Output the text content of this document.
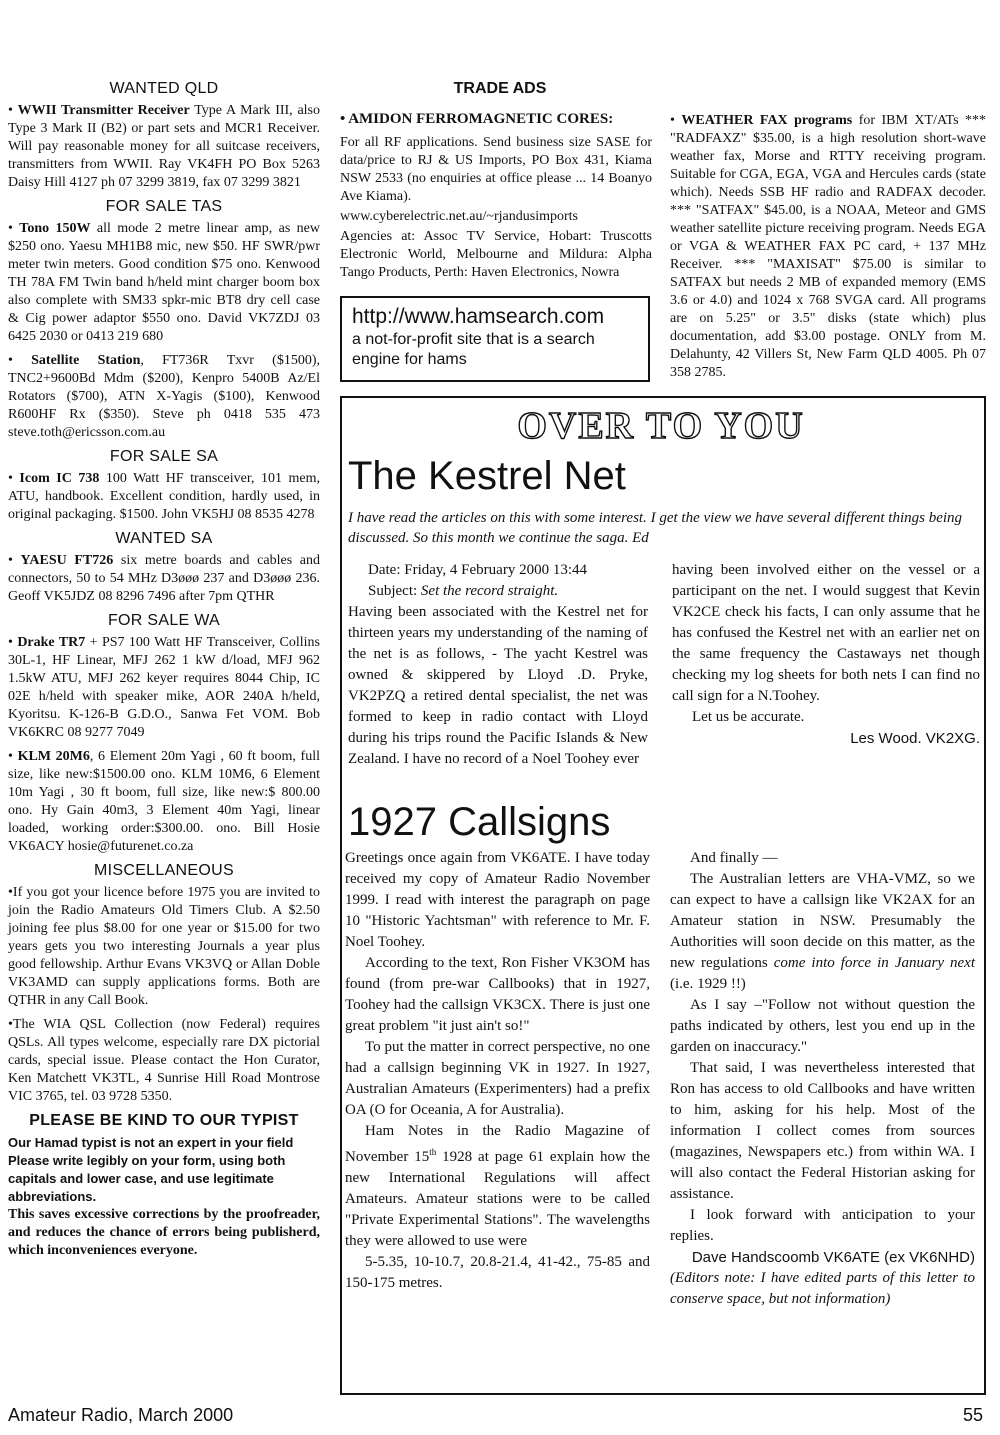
WANTED QLD

• WWII Transmitter Receiver Type A Mark III, also Type 3 Mark II (B2) or part sets and MCR1 Receiver. Will pay reasonable money for all suitcase receivers, transmitters from WWII. Ray VK4FH PO Box 5263 Daisy Hill 4127 ph 07 3299 3819, fax 07 3299 3821

FOR SALE TAS

• Tono 150W all mode 2 metre linear amp, as new $250 ono. Yaesu MH1B8 mic, new $50. HF SWR/pwr meter twin meters. Good condition $75 ono. Kenwood TH 78A FM Twin band h/held mint charger boom box also complete with SM33 spkr-mic BT8 dry cell case & Cig power adaptor $550 ono. David VK7ZDJ 03 6425 2030 or 0413 219 680

• Satellite Station, FT736R Txvr ($1500), TNC2+9600Bd Mdm ($200), Kenpro 5400B Az/El Rotators ($700), ATN X-Yagis ($100), Kenwood R600HF Rx ($350). Steve ph 0418 535 473 steve.toth@ericsson.com.au

FOR SALE SA

• Icom IC 738 100 Watt HF transceiver, 101 mem, ATU, handbook. Excellent condition, hardly used, in original packaging. $1500. John VK5HJ 08 8535 4278

WANTED SA

• YAESU FT726 six metre boards and cables and connectors, 50 to 54 MHz D3øøø 237 and D3øøø 236. Geoff VK5JDZ 08 8296 7496 after 7pm QTHR

FOR SALE WA

• Drake TR7 + PS7 100 Watt HF Transceiver, Collins 30L-1, HF Linear, MFJ 262 1 kW d/load, MFJ 962 1.5kW ATU, MFJ 262 keyer requires 8044 Chip, IC 02E h/held with speaker mike, AOR 240A h/held, Kyoritsu. K-126-B G.D.O., Sanwa Fet VOM. Bob VK6KRC 08 9277 7049

• KLM 20M6, 6 Element 20m Yagi , 60 ft boom, full size, like new:$1500.00 ono. KLM 10M6, 6 Element 10m Yagi , 30 ft boom, full size, like new:$ 800.00 ono. Hy Gain 40m3, 3 Element 40m Yagi, linear loaded, working order:$300.00. ono. Bill Hosie VK6ACY hosie@futurenet.co.za

MISCELLANEOUS

•If you got your licence before 1975 you are invited to join the Radio Amateurs Old Timers Club. A $2.50 joining fee plus $8.00 for one year or $15.00 for two years gets you two interesting Journals a year plus good fellowship. Arthur Evans VK3VQ or Allan Doble VK3AMD can supply applications forms. Both are QTHR in any Call Book.

•The WIA QSL Collection (now Federal) requires QSLs. All types welcome, especially rare DX pictorial cards, special issue. Please contact the Hon Curator, Ken Matchett VK3TL, 4 Sunrise Hill Road Montrose VIC 3765, tel. 03 9728 5350.

PLEASE BE KIND TO OUR TYPIST

Our Hamad typist is not an expert in your field Please write legibly on your form, using both capitals and lower case, and use legitimate abbreviations.

This saves excessive corrections by the proofreader, and reduces the chance of errors being publisherd, which inconveniences everyone.

TRADE ADS

• AMIDON FERROMAGNETIC CORES:

For all RF applications. Send business size SASE for data/price to RJ & US Imports, PO Box 431, Kiama NSW 2533 (no enquiries at office please ... 14 Boanyo Ave Kiama).

www.cyberelectric.net.au/~rjandusimports

Agencies at: Assoc TV Service, Hobart: Truscotts Electronic World, Melbourne and Mildura: Alpha Tango Products, Perth: Haven Electronics, Nowra

http://www.hamsearch.com
a not-for-profit site that is a search engine for hams

• WEATHER FAX programs for IBM XT/ATs *** "RADFAXZ" $35.00, is a high resolution short-wave weather fax, Morse and RTTY receiving program. Suitable for CGA, EGA, VGA and Hercules cards (state which). Needs SSB HF radio and RADFAX decoder. *** "SATFAX" $45.00, is a NOAA, Meteor and GMS weather satellite picture receiving program. Needs EGA or VGA & WEATHER FAX PC card, + 137 MHz Receiver. *** "MAXISAT" $75.00 is similar to SATFAX but needs 2 MB of expanded memory (EMS 3.6 or 4.0) and 1024 x 768 SVGA card. All programs are on 5.25" or 3.5" disks (state which) plus documentation, add $3.00 postage. ONLY from M. Delahunty, 42 Villers St, New Farm QLD 4005. Ph 07 358 2785.

OVER TO YOU
The Kestrel Net
I have read the articles on this with some interest. I get the view we have several different things being discussed. So this month we continue the saga. Ed

Date: Friday, 4 February 2000 13:44

Subject: Set the record straight.

Having been associated with the Kestrel net for thirteen years my understanding of the naming of the net is as follows, - The yacht Kestrel was owned & skippered by Lloyd .D. Pryke, VK2PZQ a retired dental specialist, the net was formed to keep in radio contact with Lloyd during his trips round the Pacific Islands & New Zealand. I have no record of a Noel Toohey ever

having been involved either on the vessel or a participant on the net. I would suggest that Kevin VK2CE check his facts, I can only assume that he has confused the Kestrel net with an earlier net on the same frequency the Castaways net though checking my log sheets for both nets I can find no call sign for a N.Toohey.

Let us be accurate.

Les Wood. VK2XG.

1927 Callsigns

Greetings once again from VK6ATE. I have today received my copy of Amateur Radio November 1999. I read with interest the paragraph on page 10 "Historic Yachtsman" with reference to Mr. F. Noel Toohey.

According to the text, Ron Fisher VK3OM has found (from pre-war Callbooks) that in 1927, Toohey had the callsign VK3CX. There is just one great problem "it just ain't so!"

To put the matter in correct perspective, no one had a callsign beginning VK in 1927. In 1927, Australian Amateurs (Experimenters) had a prefix OA (O for Oceania, A for Australia).

Ham Notes in the Radio Magazine of November 15th 1928 at page 61 explain how the new International Regulations will affect Amateurs. Amateur stations were to be called "Private Experimental Stations". The wavelengths they were allowed to use were

5-5.35, 10-10.7, 20.8-21.4, 41-42., 75-85 and 150-175 metres.

And finally —

The Australian letters are VHA-VMZ, so we can expect to have a callsign like VK2AX for an Amateur station in NSW. Presumably the Authorities will soon decide on this matter, as the new regulations come into force in January next (i.e. 1929 !!)

As I say –"Follow not without question the paths indicated by others, lest you end up in the garden on inaccuracy."

That said, I was nevertheless interested that Ron has access to old Callbooks and have written to him, asking for his help. Most of the information I collect comes from sources (magazines, Newspapers etc.) from within WA. I will also contact the Federal Historian asking for assistance.

I look forward with anticipation to your replies.

Dave Handscoomb VK6ATE (ex VK6NHD)

(Editors note: I have edited parts of this letter to conserve space, but not information)

Amateur Radio, March 2000	55
